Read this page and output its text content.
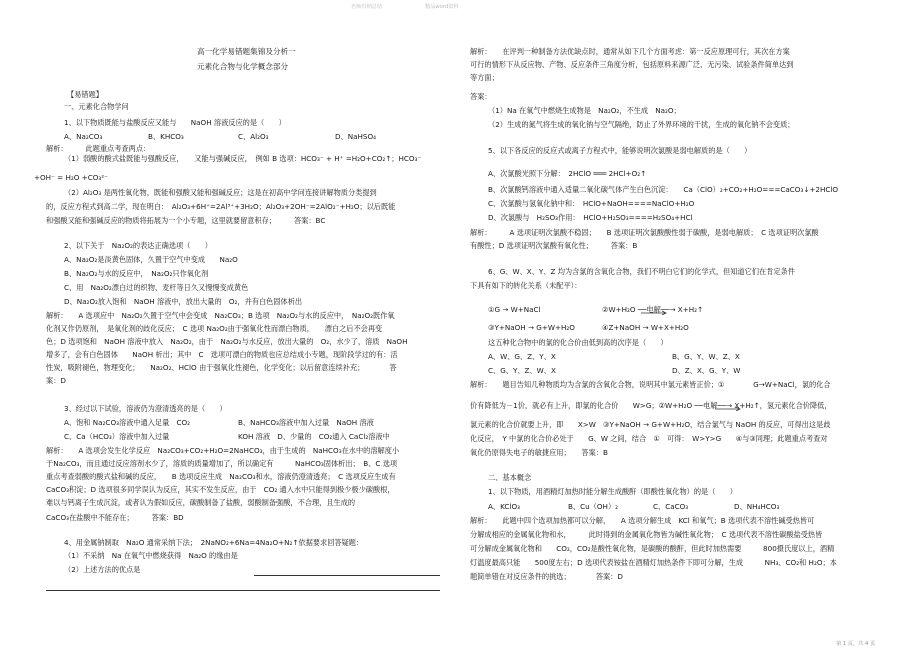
名师归纳总结	精品word资料
高一化学易错题集锦及分析一
元素化合物与化学概念部分
【易错题】
一、元素化合物学问
1、以下物质既能与盐酸反应又能与　　NaOH 溶液反应的是（　　）
A、Na₂CO₃	B、KHCO₃	C、Al₂O₃	D、NaHSO₄
解析：　　　此题重点考查两点：
（1）弱酸的酸式盐既能与强酸反应，　　又能与强碱反应，　例如 B 选项：HCO₃⁻ + H⁺ =H₂O+CO₂↑；HCO₃⁻
+OH⁻ = H₂O +CO₃²⁻
（2）Al₂O₃ 是两性氧化物，既能和强酸又能和强碱反应；这是在初高中学问连接讲解物质分类提到
的，反应方程式到高二学，现在明白：　Al₂O₃+6H⁺=2Al³⁺+3H₂O；Al₂O₃+2OH⁻=2AlO₂⁻+H₂O；以后既能
和强酸又能和强碱反应的物质将拓展为一个小专题，这里就要留意积存；　　　答案：BC
2、以下关于　Na₂O₂的表达正确选项（　　）
A、Na₂O₂是淡黄色固体，久置于空气中变成　　Na₂O
B、Na₂O₂与水的反应中，　Na₂O₂只作氧化剂
C、用　Na₂O₂漂白过的织物、麦杆等日久又慢慢变成黄色
D、Na₂O₂放入饱和　NaOH 溶液中，放出大量的　O₂，并有白色固体析出
解析：　　A 选项应中　Na₂O₂久置于空气中会变成　Na₂CO₃；B 选项　Na₂O₂与水的反应中，　Na₂O₂既作氧
化剂又作仍原剂，　是氧化剂的歧化反应；　C 选项 Na₂O₂由于强氧化性而漂白物质，　　漂白之后不会再变
色；D 选项饱和　NaOH 溶液中放入　Na₂O₂，由于　Na₂O₂与水反应，放出大量的　O₂，水少了，溶质　NaOH
增多了，会有白色固体　　NaOH 析出；其中　C　选项可漂白的物质也应总结成小专题，现阶段学过的有：活
性炭，吸附褪色，物理变化；　　Na₂O₂、HClO 由于强氧化性褪色，化学变化；以后留意连续补充；　　　　答
案：D
3、经过以下试验，溶液仍为澄清透亮的是（　　）
A、饱和 Na₂CO₃溶液中通入足量　CO₂	B、NaHCO₃溶液中加入过量　NaOH 溶液
C、Ca（HCO₃）溶液中加入过量	KOH 溶液　D、少量的　CO₂通入 CaCl₂溶液中
解析：　　A 选项会发生化学反应　Na₂CO₃+CO₂+H₂O=2NaHCO₃，由于生成的　NaHCO₃在水中的溶解度小
于Na₂CO₃，而且通过反应溶剂水少了，溶质的质量增加了，所以确定有　　　NaHCO₃固体析出；　B、C 选项
重点考查弱酸的酸式盐和碱的反应，　　B 选项反应生成　Na₂CO₃和水，溶液仍澄清透亮；　C 选项反应生成有
CaCO₃积淀；D 选项很多同学误认为反应，其实不发生反应，由于　CO₂ 通入水中只能得到极少极少碳酸根，
难以与钙离子生成沉淀，或者认为假如反应，碳酸制备了盐酸，弱酸制备强酸，不合理，且生成的
CaCO₃在盐酸中不能存在；　　　答案：BD
4、用金属钠制取　Na₂O 通常采纳下法；　2NaNO₂+6Na=4Na₂O+N₂↑依据要求回答疑题：
（1）不采纳　Na 在氧气中燃烧获得　Na₂O 的缘由是
（2）上述方法的优点是
解析：　　在评判一种制备方法优缺点时，通常从如下几个方面考虑：第一反应原理可行，其次在方案
可行的情形下从反应物、产物、反应条件三角度分析，包括原料来源广泛、无污染、试验条件简单达到
等方面；
答案：
（1）Na 在氧气中燃烧生成物是　Na₂O₂，不生成　Na₂O；
（2）生成的氮气将生成的氧化钠与空气隔绝，防止了外界环境的干扰，生成的氧化钠不会变质；
5、以下各反应的反应式或离子方程式中，能够说明次氯酸是弱电解质的是（　　）
A、次氯酸光照下分解：　2HClO ═══ 2HCl+O₂↑
B、次氯酸钙溶液中通入适量二氧化碳气体产生白色沉淀：　　Ca（ClO）₂+CO₂+H₂O===CaCO₃↓+2HClO
C、次氯酸与氢氧化钠中和：　HClO+NaOH====NaClO+H₂O
D、次氯酸与　H₂SO₃作用：　HClO+H₂SO₃====H₂SO₄+HCl
解析：　　　A 选项证明次氯酸不稳固；　　B 选项证明次氯酸酸性弱于碳酸，是弱电解质；　C 选项证明次氯酸
有酸性；D 选项证明次氯酸有氧化性；　　　答案：B
6、G、W、X、Y、Z 均为含氯的含氧化合物，我们不明白它们的化学式，但知道它们在肯定条件
下具有如下的转化关系（未配平）：
①G → W+NaCl	②W+H₂O ──电解──→ X+H₂↑
③Y+NaOH → G+W+H₂O	④Z+NaOH → W+X+H₂O
这五种化合物中的氯的化合价由低到高的次序是（　　）
A、W、G、Z、Y、X	B、G、Y、W、Z、X
C、G、Y、Z、W、X	D、Z、X、G、Y、W
解析：　　题目告知几种物质均为含氯的含氧化合物，说明其中氯元素皆正价；①　　　　G→W+NaCl，氯的化合
价有降低为－1价，就必有上升，即氯的化合价　　W>G；②W+H₂O ──电解──→ X+H₂↑，氢元素化合价降低，
氯元素的化合价就要上升，即　　X>W　③Y+NaOH → G+W+H₂O，结合氯气与 NaOH 的反应，可得出这是歧
化反应，　Y 中氯的化合价必处于　　G、W 之间，结合　①　可得：　W>Y>G　　④与③同理；此题重点考查对
氧化仍原得失电子的敏捷应用；　　答案：B
二、基本概念
1、以下物质，用酒精灯加热时能分解生成酸酐（即酸性氧化物）的是（　　）
A、KClO₃	B、Cu（OH）₂	C、CaCO₃	D、NH₄HCO₃
解析：　　此题中四个选项加热都可以分解，　　A 选项分解生成　KCl 和氧气；B 选项代表不溶性碱受热皆可
分解成相应的金属氧化物和水，　　　此时得到的金属氧化物皆为碱性氧化物；　C 选项代表不溶性碳酸盐受热皆
可分解成金属氧化物和　　CO₂，CO₂是酸性氧化物，是碳酸的酸酐，但此时加热需要　　　800摄氏度以上，酒精
灯温度最高只能　　500度左右；D 选项代表铵盐在酒精灯加热条件下即可分解，生成　　　NH₃、CO₂和 H₂O；本
题简单错在对反应条件的挑选；　　　　答案：D
第 1 页，共 4 页
